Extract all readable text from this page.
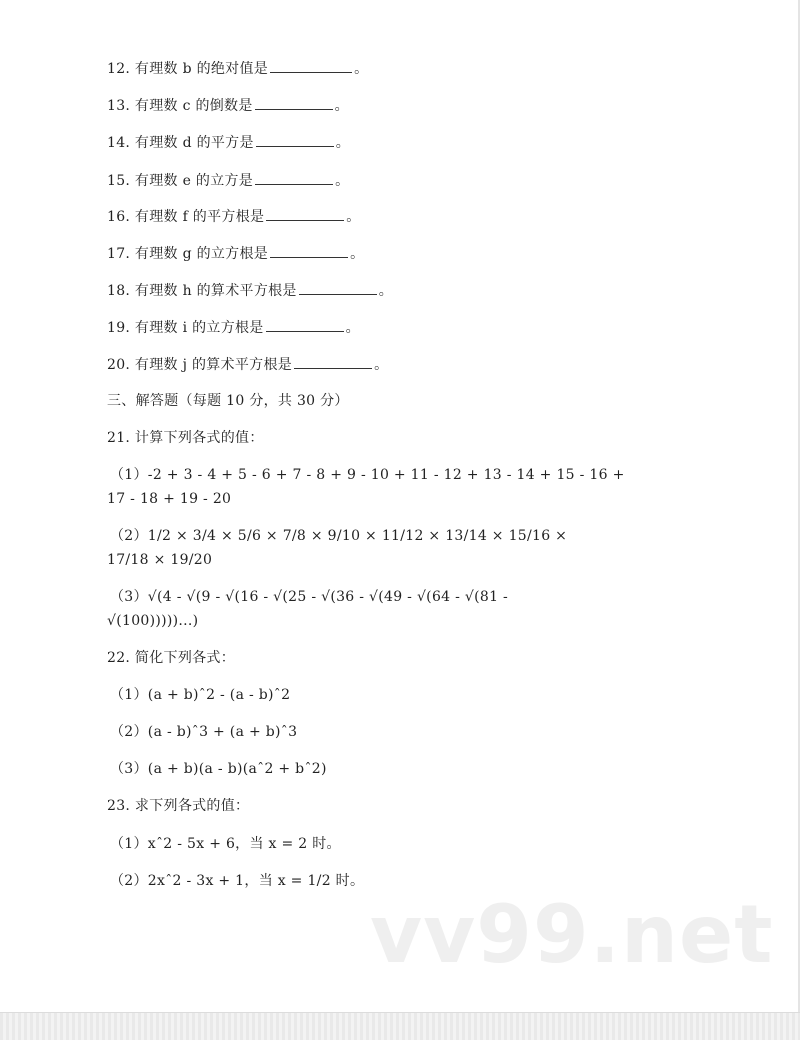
12. 有理数 b 的绝对值是	。
13. 有理数 c 的倒数是	。
14. 有理数 d 的平方是	。
15. 有理数 e 的立方是	。
16. 有理数 f 的平方根是	。
17. 有理数 g 的立方根是	。
18. 有理数 h 的算术平方根是	。
19. 有理数 i 的立方根是	。
20. 有理数 j 的算术平方根是	。
三、解答题（每题 10 分，共 30 分）
21. 计算下列各式的值：
（1）-2 + 3 - 4 + 5 - 6 + 7 - 8 + 9 - 10 + 11 - 12 + 13 - 14 + 15 - 16 +
17 - 18 + 19 - 20
（2）1/2 × 3/4 × 5/6 × 7/8 × 9/10 × 11/12 × 13/14 × 15/16 ×
17/18 × 19/20
（3）√(4 - √(9 - √(16 - √(25 - √(36 - √(49 - √(64 - √(81 -
√(100)))))...)
22. 简化下列各式：
（1）(a + b)ˆ2 - (a - b)ˆ2
（2）(a - b)ˆ3 + (a + b)ˆ3
（3）(a + b)(a - b)(aˆ2 + bˆ2)
23. 求下列各式的值：
（1）xˆ2 - 5x + 6，当 x = 2 时。
（2）2xˆ2 - 3x + 1，当 x = 1/2 时。
vv99.net
